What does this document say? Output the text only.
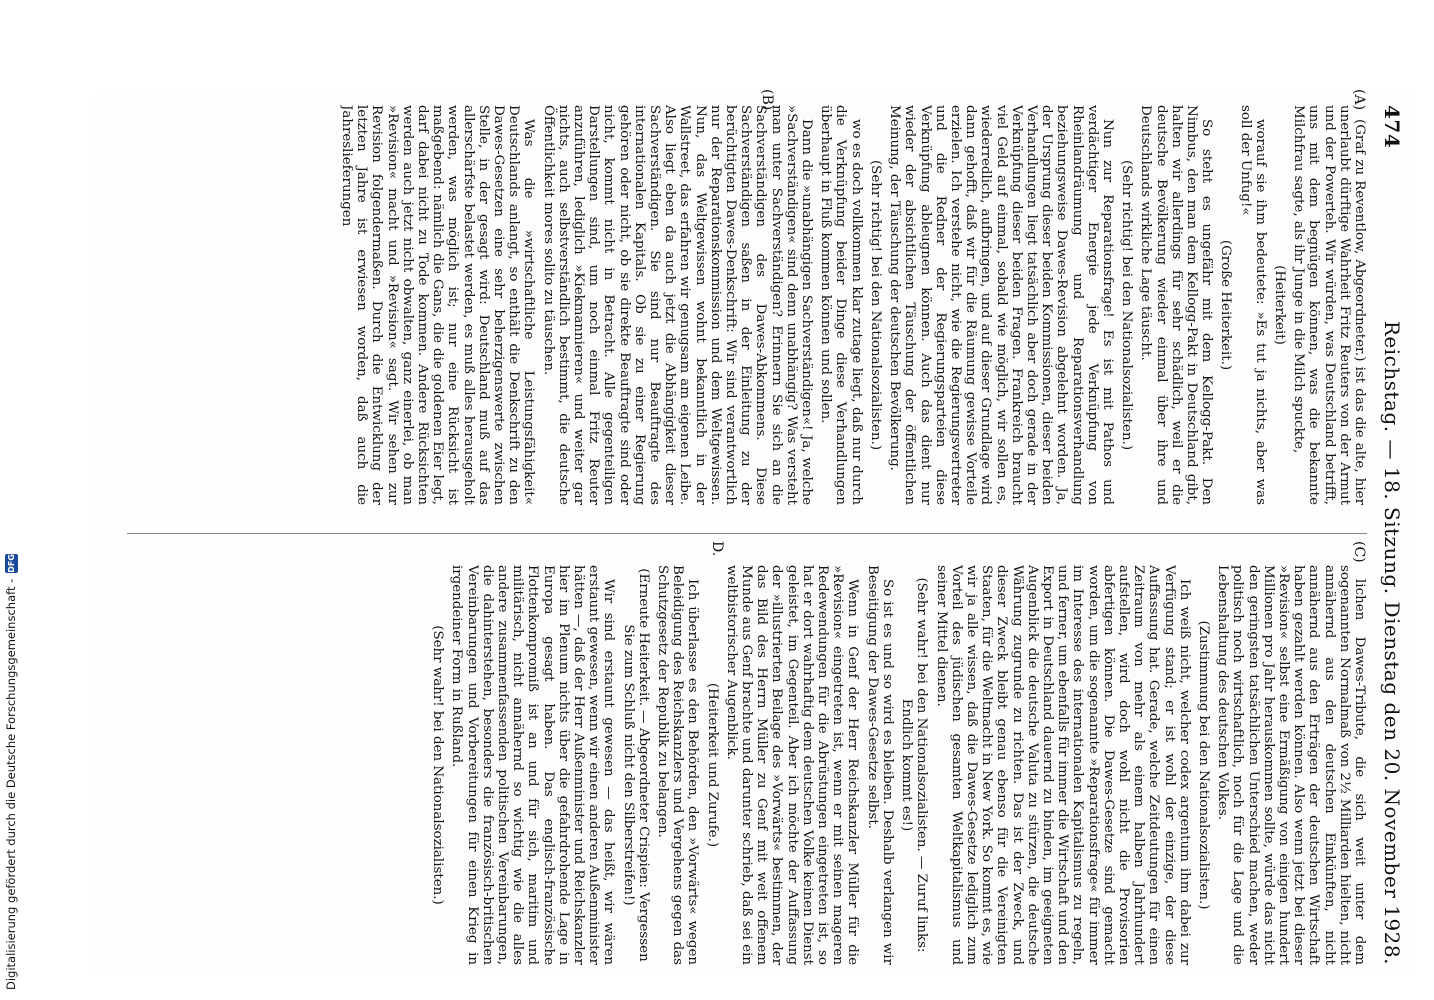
474
Reichstag. — 18. Sitzung. Dienstag den 20. November 1928.
(A)
(B)
(C)
D.

(Graf zu Reventlow, Abgeordneter.) ist das die alte, hier unerlaubt dürftige Wahrheit Fritz Reuters von der Armut und der Powerteh. Wir würden, was Deutschland betrifft, uns mit dem begnügen können, was die bekannte Milchfrau sagte, als ihr Junge in die Milch spuckte,

(Heiterkeit)

worauf sie ihm bedeutete: »Es tut ja nichts, aber was soll der Unfug!«

(Große Heiterkeit.)

So steht es ungefähr mit dem Kellogg-Pakt. Den Nimbus, den man dem Kellogg-Pakt in Deutschland gibt, halten wir allerdings für sehr schädlich, weil er die deutsche Bevölkerung wieder einmal über ihre und Deutschlands wirkliche Lage täuscht.

(Sehr richtig! bei den Nationalsozialisten.)

Nun zur Reparationsfrage! Es ist mit Pathos und verdächtiger Energie jede Verknüpfung von Rheinlandräumung und Reparationsverhandlung beziehungsweise Dawes-Revision abgelehnt worden. Ja, der Ursprung dieser beiden Kommissionen, dieser beiden Verhandlungen liegt tatsächlich aber doch gerade in der Verknüpfung dieser beiden Fragen. Frankreich braucht viel Geld auf einmal, sobald wie möglich, wir sollen es, wiederredlich, aufbringen, und auf dieser Grundlage wird dann gehofft, daß wir für die Räumung gewisse Vorteile erzielen. Ich verstehe nicht, wie die Regierungsvertreter und die Redner der Regierungsparteien diese Verknüpfung ableugnen können. Auch das dient nur wieder der absichtlichen Täuschung der öffentlichen Meinung, der Täuschung der deutschen Bevölkerung.

(Sehr richtig! bei den Nationalsozialisten.)

wo es doch vollkommen klar zutage liegt, daß nur durch die Verknüpfung beider Dinge diese Verhandlungen überhaupt in Fluß kommen können und sollen.

Dann die »unabhängigen Sachverständigen«! Ja, welche »Sachverständigen« sind denn unabhängig? Was versteht man unter Sachverständigen? Erinnern Sie sich an die Sachverständigen des Dawes-Abkommens. Diese Sachverständigen saßen in der Einleitung zu der berüchtigten Dawes-Denkschrift: Wir sind verantwortlich nur der Reparationskommission und dem Weltgewissen. Nun, das Weltgewissen wohnt bekanntlich in der Wallstreet, das erfahren wir genugsam am eigenen Leibe. Also liegt eben da auch jetzt die Abhängigkeit dieser Sachverständigen. Sie sind nur Beauftragte des internationalen Kapitals. Ob sie zu einer Regierung gehören oder nicht, ob sie direkte Beauftragte sind oder nicht, kommt nicht in Betracht. Alle gegenteiligen Darstellungen sind, um noch einmal Fritz Reuter anzuführen, lediglich »Kiekmannieren« und weiter gar nichts, auch selbstverständlich bestimmt, die deutsche Öffentlichkeit mores solito zu täuschen.

Was die »wirtschaftliche Leistungsfähigkeit« Deutschlands anlangt, so enthält die Denkschrift zu den Dawes-Gesetzen eine sehr beherzigenswerte zwischen Stelle, in der gesagt wird: Deutschland muß auf das allerschärfste belastet werden, es muß alles herausgeholt werden, was möglich ist; nur eine Rücksicht ist maßgebend: nämlich die Gans, die die goldenen Eier legt, darf dabei nicht zu Tode kommen. Andere Rücksichten werden auch jetzt nicht obwalten, ganz einerlei, ob man »Revision« macht und »Revision« sagt. Wir sehen zur Revision folgendermaßen. Durch die Entwicklung der letzten Jahre ist erwiesen worden, daß auch die Jahreslieferungen

lichen Dawes-Tribute, die sich weit unter dem sogenannten Normalmaß von 2½ Milliarden hielten, nicht annähernd aus den deutschen Einkünften, nicht annähernd aus den Erträgen der deutschen Wirtschaft haben gezahlt werden können. Also wenn jetzt bei dieser »Revision« selbst eine Ermäßigung von einigen hundert Millionen pro Jahr herauskommen sollte, würde das nicht den geringsten tatsächlichen Unterschied machen, weder politisch noch wirtschaftlich, noch für die Lage und die Lebenshaltung des deutschen Volkes.

(Zustimmung bei den Nationalsozialisten.)

Ich weiß nicht, welcher codex argentum ihm dabei zur Verfügung stand; er ist wohl der einzige, der diese Auffassung hat. Gerade, welche Zeitdeutungen für einen Zeitraum von mehr als einem halben Jahrhundert aufstellen, wird doch wohl nicht die Provisorien abfertigen können. Die Dawes-Gesetze sind gemacht worden, um die sogenannte »Reparationsfrage« für immer im Interesse des internationalen Kapitalismus zu regeln, und ferner, um ebenfalls für immer die Wirtschaft und den Export in Deutschland dauernd zu binden, im geeigneten Augenblick die deutsche Valuta zu stürzen, die deutsche Währung zugrunde zu richten. Das ist der Zweck, und dieser Zweck bleibt genau ebenso für die Vereinigten Staaten, für die Weltmacht in New York. So kommt es, wie wir ja alle wissen, daß die Dawes-Gesetze lediglich zum Vorteil des jüdischen gesamten Weltkapitalismus und seiner Mittel dienen.

(Sehr wahr! bei den Nationalsozialisten. — Zuruf links: Endlich kommt es!)

So ist es und so wird es bleiben. Deshalb verlangen wir Beseitigung der Dawes-Gesetze selbst.

Wenn in Genf der Herr Reichskanzler Müller für die »Revision« eingetreten ist, wenn er mit seinen mageren Redewendungen für die Abrüstungen eingetreten ist, so hat er dort wahrhaftig dem deutschen Volke keinen Dienst geleistet, im Gegenteil. Aber ich möchte der Auffassung der »illustrierten Beilage des »Vorwärts« bestimmen, der das Bild des Herrn Müller zu Genf mit weit offenem Munde aus Genf brachte und darunter schrieb, daß sei ein weltbistorischer Augenblick.

(Heiterkeit und Zurufe.)

Ich überlasse es den Behörden, den »Vorwärts« wegen Beleidigung des Reichskanzlers und Vergehens gegen das Schutzgesetz der Republik zu belangen.

(Erneute Heiterkeit. — Abgeordneter Crispien: Vergessen Sie zum Schluß nicht den Silberstreifen!)

Wir sind erstaunt gewesen — das heißt, wir wären erstaunt gewesen, wenn wir einen anderen Außenminister hätten —, daß der Herr Außenminister und Reichskanzler hier im Plenum nichts über die gefahrdrohende Lage in Europa gesagt haben. Das englisch-französische Flottenkompromiß ist an und für sich, maritim und militärisch, nicht annähernd so wichtig wie die alles andere zusammenfassenden politischen Vereinbarungen, die dahinterstehen, besonders die französisch-britischen Vereinbarungen und Vorbereitungen für einen Krieg in irgendeiner Form in Rußland.

(Sehr wahr! bei den Nationalsozialisten.)

Digitalisierung gefördert durch die Deutsche Forschungsgemeinschaft -
DFG
